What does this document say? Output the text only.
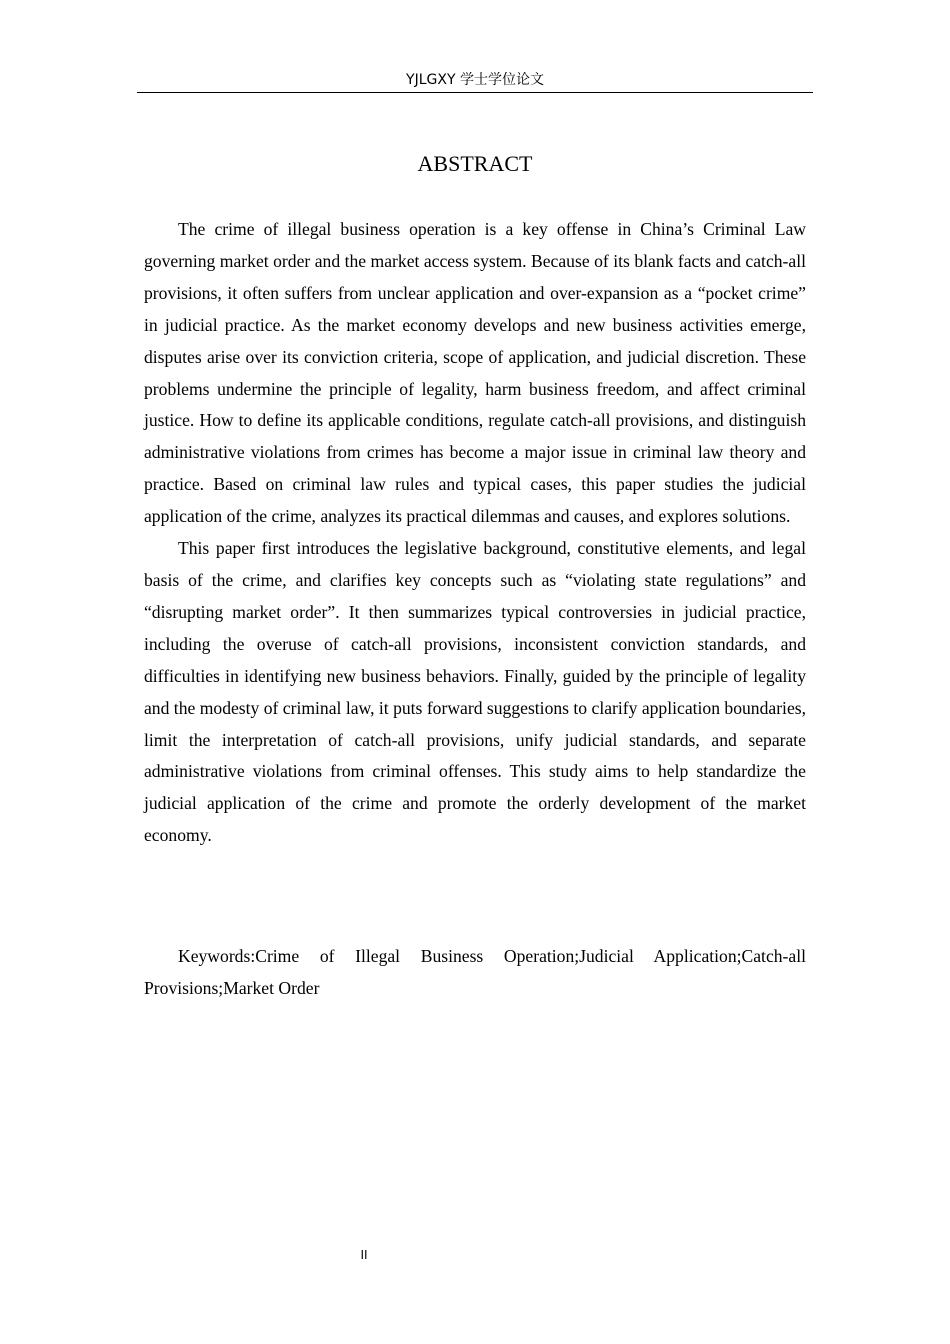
YJLGXY 学士学位论文
ABSTRACT

The crime of illegal business operation is a key offense in China’s Criminal Law governing market order and the market access system. Because of its blank facts and catch-all provisions, it often suffers from unclear application and over-expansion as a “pocket crime” in judicial practice. As the market economy develops and new business activities emerge, disputes arise over its conviction criteria, scope of application, and judicial discretion. These problems undermine the principle of legality, harm business freedom, and affect criminal justice. How to define its applicable conditions, regulate catch-all provisions, and distinguish administrative violations from crimes has become a major issue in criminal law theory and practice. Based on criminal law rules and typical cases, this paper studies the judicial application of the crime, analyzes its practical dilemmas and causes, and explores solutions.

This paper first introduces the legislative background, constitutive elements, and legal basis of the crime, and clarifies key concepts such as “violating state regulations” and “disrupting market order”. It then summarizes typical controversies in judicial practice, including the overuse of catch-all provisions, inconsistent conviction standards, and difficulties in identifying new business behaviors. Finally, guided by the principle of legality and the modesty of criminal law, it puts forward suggestions to clarify application boundaries, limit the interpretation of catch-all provisions, unify judicial standards, and separate administrative violations from criminal offenses. This study aims to help standardize the judicial application of the crime and promote the orderly development of the market economy.

Keywords:Crime of Illegal Business Operation;Judicial Application;Catch-all Provisions;Market Order

II
